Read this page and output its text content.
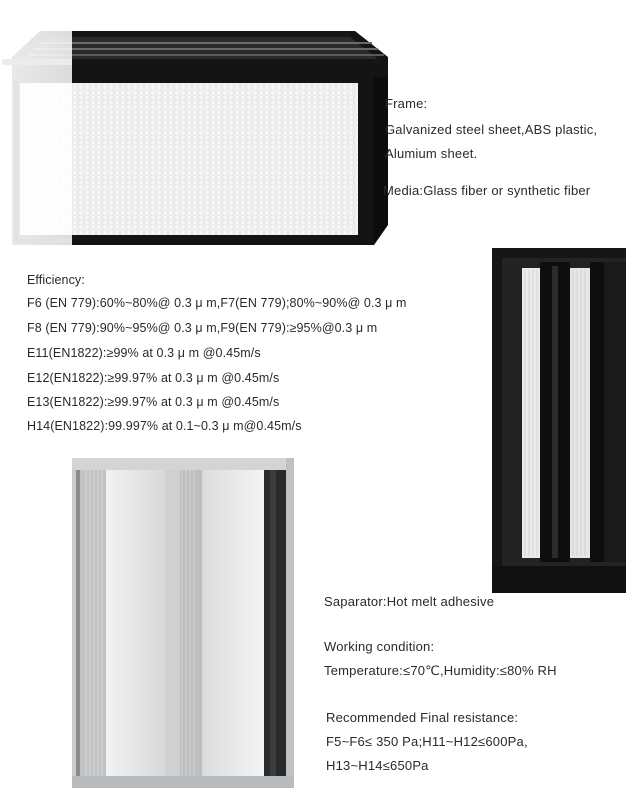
Frame:
Galvanized steel sheet,ABS plastic,
Alumium sheet.
Media:Glass fiber or synthetic fiber
Efficiency:
F6 (EN 779):60%~80%@ 0.3 μ m,F7(EN 779);80%~90%@ 0.3 μ m
F8 (EN 779):90%~95%@ 0.3 μ m,F9(EN 779):≥95%@0.3 μ m
E11(EN1822):≥99% at 0.3 μ m @0.45m/s
E12(EN1822):≥99.97% at 0.3 μ m @0.45m/s
E13(EN1822):≥99.97% at 0.3 μ m @0.45m/s
H14(EN1822):99.997% at 0.1~0.3 μ m@0.45m/s
Saparator:Hot melt adhesive
Working condition:
Temperature:≤70℃,Humidity:≤80% RH
Recommended Final resistance:
F5~F6≤ 350 Pa;H11~H12≤600Pa,
H13~H14≤650Pa
